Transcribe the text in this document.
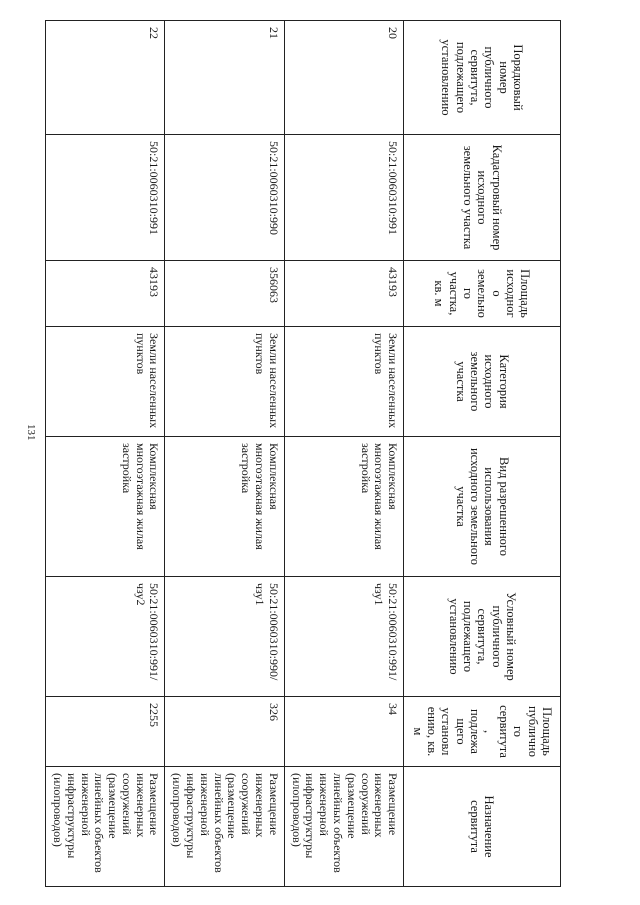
131
Порядковый номер публичного сервитута, подлежащего установлению	Кадастровый номер исходного земельного участка	Площадь исходного земельного участка, кв. м	Категория исходного земельного участка	Вид разрешенного использования исходного земельного участка	Условный номер публичного сервитута, подлежащего установлению	Площадь публичного сервитута, подлежащего установлению, кв. м	Назначение сервитута
20	50:21:0060310:991	43193	Земли населенных пунктов	Комплексная многоэтажная жилая застройка	50:21:0060310:991/чзу1	34	Размещение инженерных сооружений (размещение линейных объектов инженерной инфраструктуры (илопроводов)
21	50:21:0060310:990	356063	Земли населенных пунктов	Комплексная многоэтажная жилая застройка	50:21:0060310:990/чзу1	326	Размещение инженерных сооружений (размещение линейных объектов инженерной инфраструктуры (илопроводов)
22	50:21:0060310:991	43193	Земли населенных пунктов	Комплексная многоэтажная жилая застройка	50:21:0060310:991/чзу2	2255	Размещение инженерных сооружений (размещение линейных объектов инженерной инфраструктуры (илопроводов)
